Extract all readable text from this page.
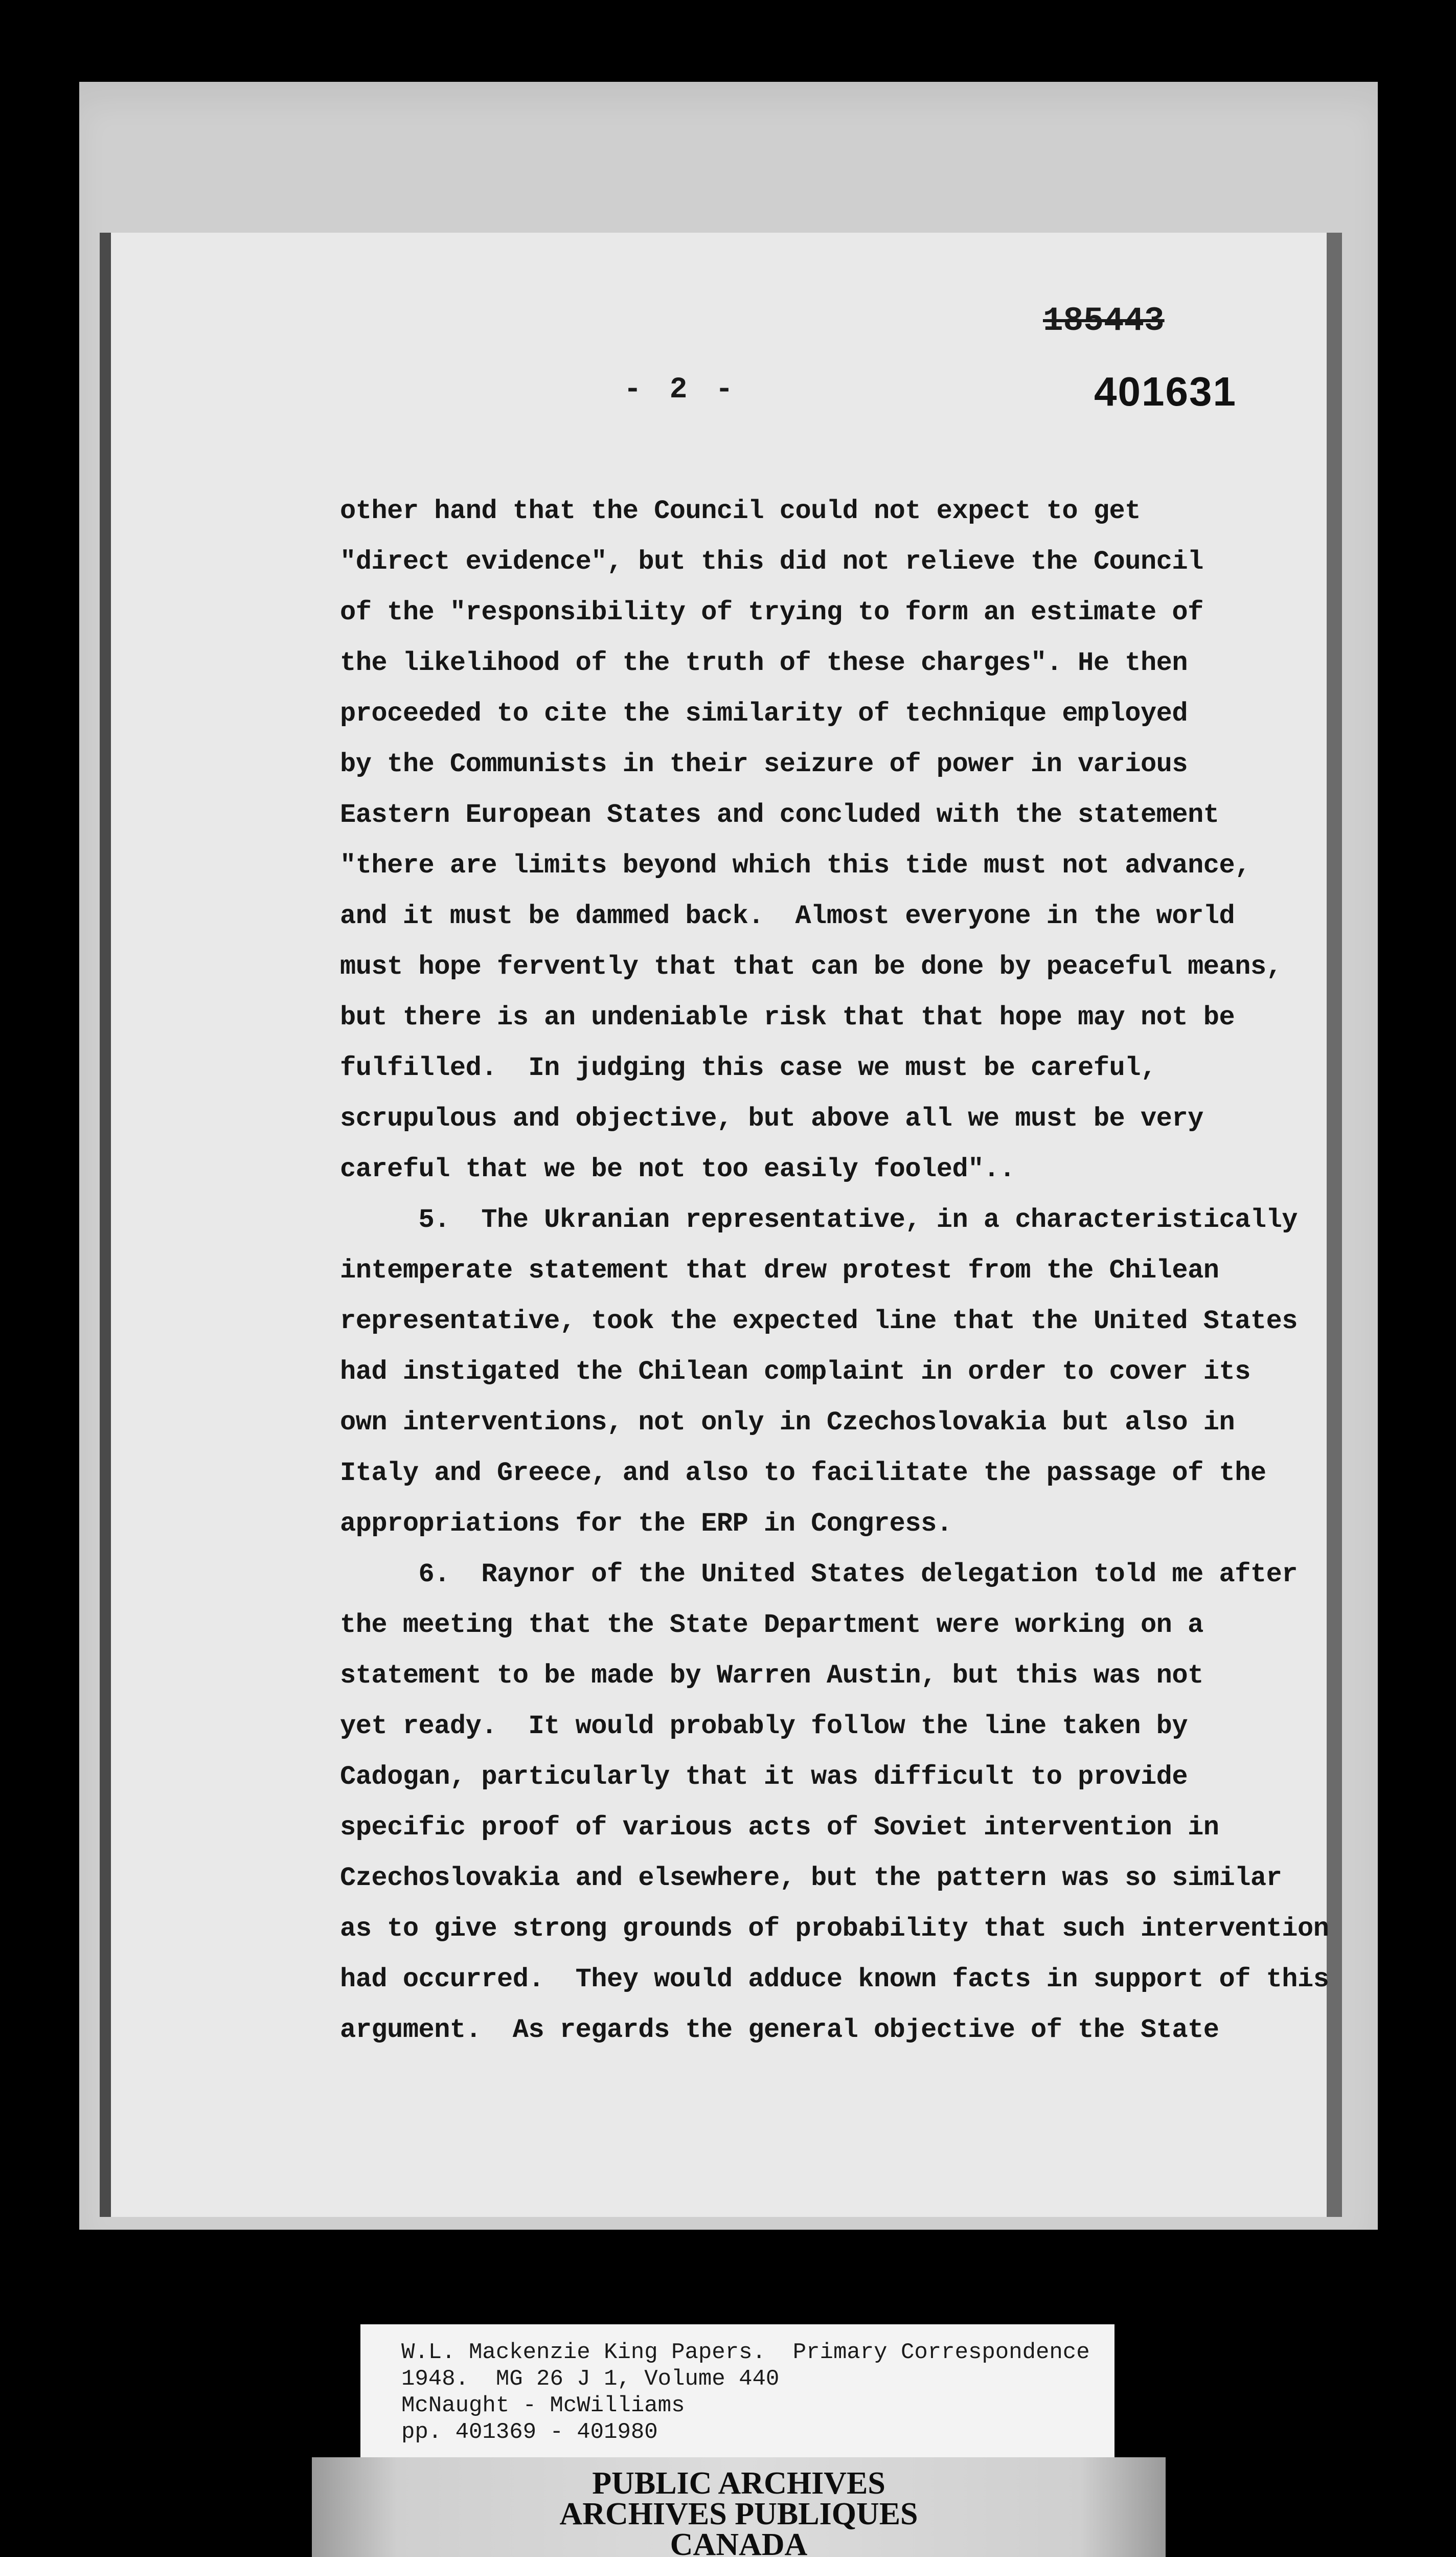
185443
401631
- 2 -
other hand that the Council could not expect to get
"direct evidence", but this did not relieve the Council
of the "responsibility of trying to form an estimate of
the likelihood of the truth of these charges". He then
proceeded to cite the similarity of technique employed
by the Communists in their seizure of power in various
Eastern European States and concluded with the statement
"there are limits beyond which this tide must not advance,
and it must be dammed back.  Almost everyone in the world
must hope fervently that that can be done by peaceful means,
but there is an undeniable risk that that hope may not be
fulfilled.  In judging this case we must be careful,
scrupulous and objective, but above all we must be very
careful that we be not too easily fooled"..
5.  The Ukranian representative, in a characteristically
intemperate statement that drew protest from the Chilean
representative, took the expected line that the United States
had instigated the Chilean complaint in order to cover its
own interventions, not only in Czechoslovakia but also in
Italy and Greece, and also to facilitate the passage of the
appropriations for the ERP in Congress.
6.  Raynor of the United States delegation told me after
the meeting that the State Department were working on a
statement to be made by Warren Austin, but this was not
yet ready.  It would probably follow the line taken by
Cadogan, particularly that it was difficult to provide
specific proof of various acts of Soviet intervention in
Czechoslovakia and elsewhere, but the pattern was so similar
as to give strong grounds of probability that such intervention
had occurred.  They would adduce known facts in support of this
argument.  As regards the general objective of the State
W.L. Mackenzie King Papers.  Primary Correspondence
1948.  MG 26 J 1, Volume 440
McNaught - McWilliams
pp. 401369 - 401980
PUBLIC ARCHIVES
ARCHIVES PUBLIQUES
CANADA
